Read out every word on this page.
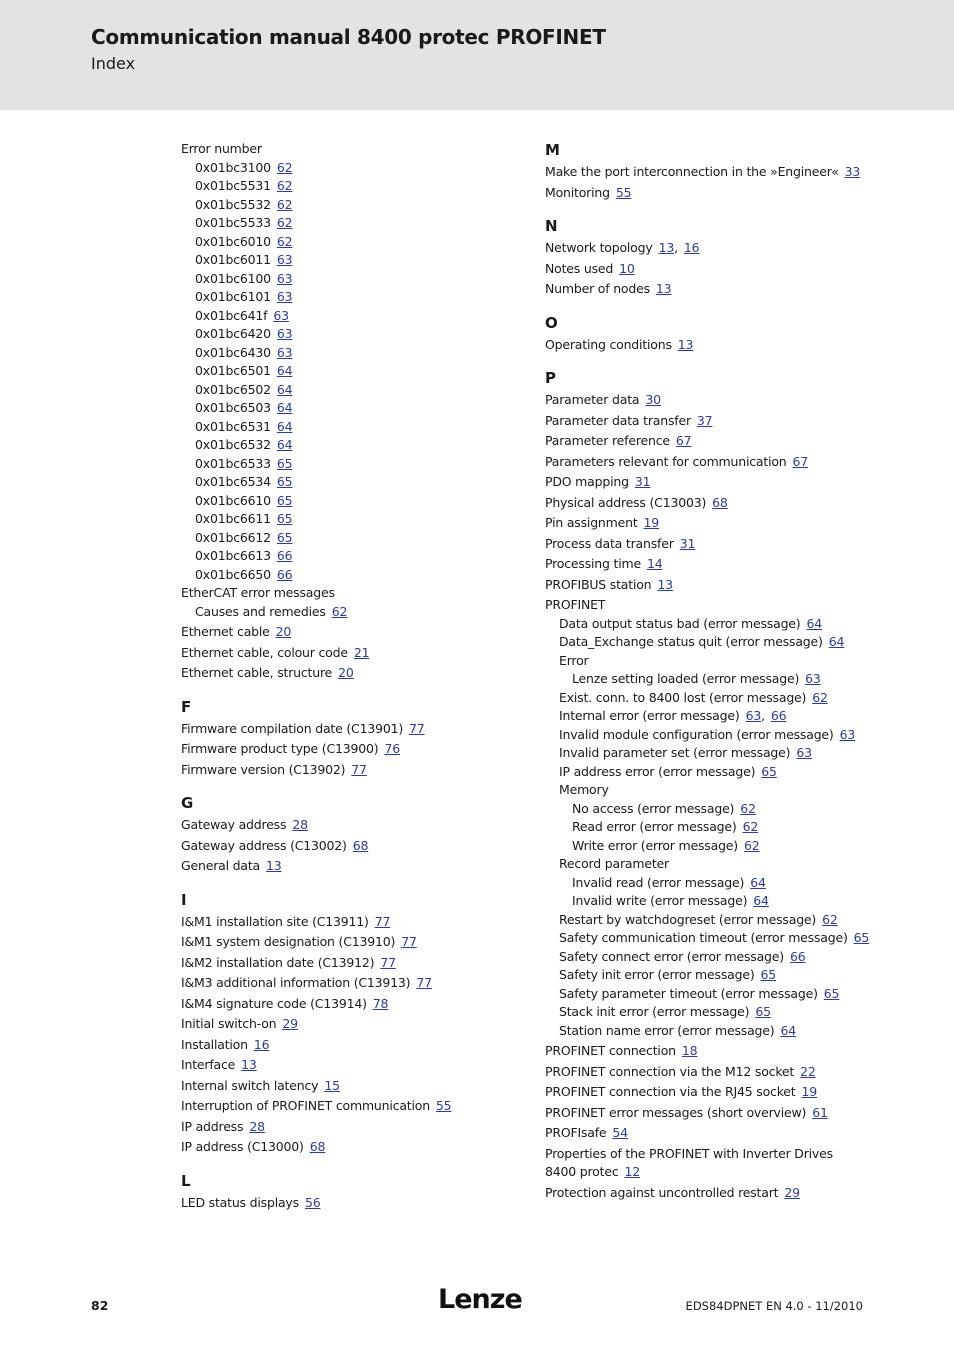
Communication manual 8400 protec PROFINET
Index
Error number
0x01bc3100 62
0x01bc5531 62
0x01bc5532 62
0x01bc5533 62
0x01bc6010 62
0x01bc6011 63
0x01bc6100 63
0x01bc6101 63
0x01bc641f 63
0x01bc6420 63
0x01bc6430 63
0x01bc6501 64
0x01bc6502 64
0x01bc6503 64
0x01bc6531 64
0x01bc6532 64
0x01bc6533 65
0x01bc6534 65
0x01bc6610 65
0x01bc6611 65
0x01bc6612 65
0x01bc6613 66
0x01bc6650 66
EtherCAT error messages
Causes and remedies 62
Ethernet cable 20
Ethernet cable, colour code 21
Ethernet cable, structure 20
F
Firmware compilation date (C13901) 77
Firmware product type (C13900) 76
Firmware version (C13902) 77
G
Gateway address 28
Gateway address (C13002) 68
General data 13
I
I&M1 installation site (C13911) 77
I&M1 system designation (C13910) 77
I&M2 installation date (C13912) 77
I&M3 additional information (C13913) 77
I&M4 signature code (C13914) 78
Initial switch-on 29
Installation 16
Interface 13
Internal switch latency 15
Interruption of PROFINET communication 55
IP address 28
IP address (C13000) 68
L
LED status displays 56
M
Make the port interconnection in the »Engineer« 33
Monitoring 55
N
Network topology 13, 16
Notes used 10
Number of nodes 13
O
Operating conditions 13
P
Parameter data 30
Parameter data transfer 37
Parameter reference 67
Parameters relevant for communication 67
PDO mapping 31
Physical address (C13003) 68
Pin assignment 19
Process data transfer 31
Processing time 14
PROFIBUS station 13
PROFINET
Data output status bad (error message) 64
Data_Exchange status quit (error message) 64
Error
Lenze setting loaded (error message) 63
Exist. conn. to 8400 lost (error message) 62
Internal error (error message) 63, 66
Invalid module configuration (error message) 63
Invalid parameter set (error message) 63
IP address error (error message) 65
Memory
No access (error message) 62
Read error (error message) 62
Write error (error message) 62
Record parameter
Invalid read (error message) 64
Invalid write (error message) 64
Restart by watchdogreset (error message) 62
Safety communication timeout (error message) 65
Safety connect error (error message) 66
Safety init error (error message) 65
Safety parameter timeout (error message) 65
Stack init error (error message) 65
Station name error (error message) 64
PROFINET connection 18
PROFINET connection via the M12 socket 22
PROFINET connection via the RJ45 socket 19
PROFINET error messages (short overview) 61
PROFIsafe 54
Properties of the PROFINET with Inverter Drives 8400 protec 12
Protection against uncontrolled restart 29
82	Lenze	EDS84DPNET EN 4.0 - 11/2010
